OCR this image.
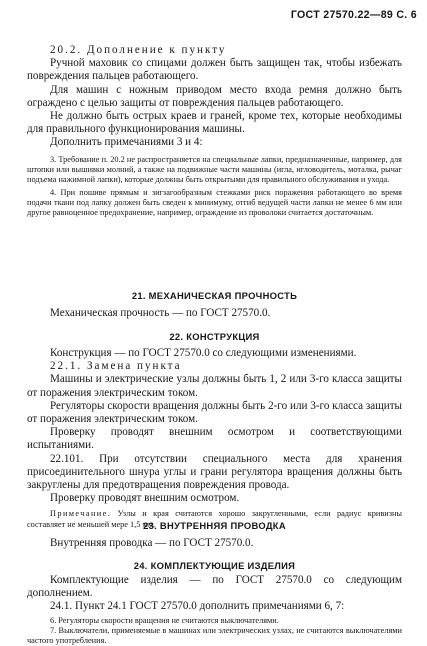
ГОСТ 27570.22—89 С. 6

20.2. Дополнение к пункту

Ручной маховик со спицами должен быть защищен так, чтобы избежать повреждения пальцев работающего.

Для машин с ножным приводом место входа ремня должно быть ограждено с целью защиты от повреждения пальцев работающего.

Не должно быть острых краев и граней, кроме тех, которые необходимы для правильного функционирования машины.

Дополнить примечаниями 3 и 4:

3. Требование п. 20.2 не распространяется на специальные лапки, предназначенные, например, для штопки или вышивки молний, а также на подвижные части машины (игла, игловодитель, моталка, рычаг подъема нажимной лапки), которые должны быть открытыми для правильного обслуживания и ухода.

4. При пошиве прямым и зигзагообразным стежками риск поражения работающего во время подачи ткани под лапку должен быть сведен к минимуму, отгиб ведущей части лапки не менее 6 мм или другое равноценное предохранение, например, ограждение из проволоки считается достаточным.

21. МЕХАНИЧЕСКАЯ ПРОЧНОСТЬ

Механическая прочность — по ГОСТ 27570.0.

22. КОНСТРУКЦИЯ

Конструкция — по ГОСТ 27570.0 со следующими изменениями.

22.1. Замена пункта

Машины и электрические узлы должны быть 1, 2 или 3-го класса защиты от поражения электрическим током.

Регуляторы скорости вращения должны быть 2-го или 3-го класса защиты от поражения электрическим током.

Проверку проводят внешним осмотром и соответствующими испытаниями.

22.101. При отсутствии специального места для хранения присоединительного шнура углы и грани регулятора вращения должны быть закруглены для предотвращения повреждения провода.

Проверку проводят внешним осмотром.

Примечание. Узлы и края считаются хорошо закругленными, если радиус кривизны составляет не меньшей мере 1,5 мм.

23. ВНУТРЕННЯЯ ПРОВОДКА

Внутренняя проводка — по ГОСТ 27570.0.

24. КОМПЛЕКТУЮЩИЕ ИЗДЕЛИЯ

Комплектующие изделия — по ГОСТ 27570.0 со следующим дополнением.

24.1. Пункт 24.1 ГОСТ 27570.0 дополнить примечаниями 6, 7:

6. Регуляторы скорости вращения не считаются выключателями.

7. Выключатели, применяемые в машинах или электрических узлах, не считаются выключателями частого употребления.
